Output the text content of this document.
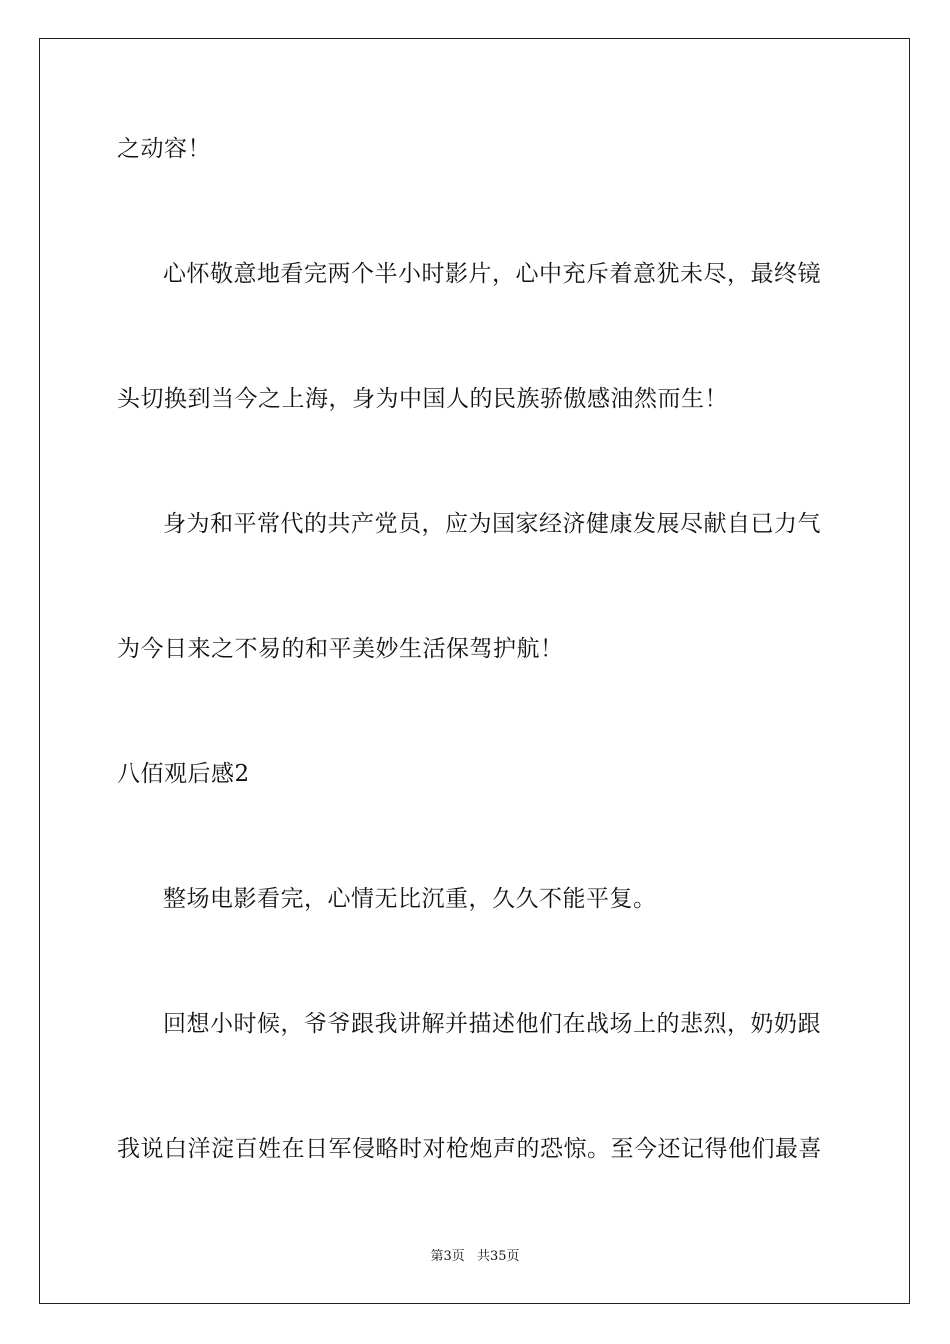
之动容！
心怀敬意地看完两个半小时影片，心中充斥着意犹未尽，最终镜
头切换到当今之上海，身为中国人的民族骄傲感油然而生！
身为和平常代的共产党员，应为国家经济健康发展尽献自已力气
为今日来之不易的和平美妙生活保驾护航！
八佰观后感2
整场电影看完，心情无比沉重，久久不能平复。
回想小时候，爷爷跟我讲解并描述他们在战场上的悲烈，奶奶跟
我说白洋淀百姓在日军侵略时对枪炮声的恐惊。至今还记得他们最喜
第3页 共35页
